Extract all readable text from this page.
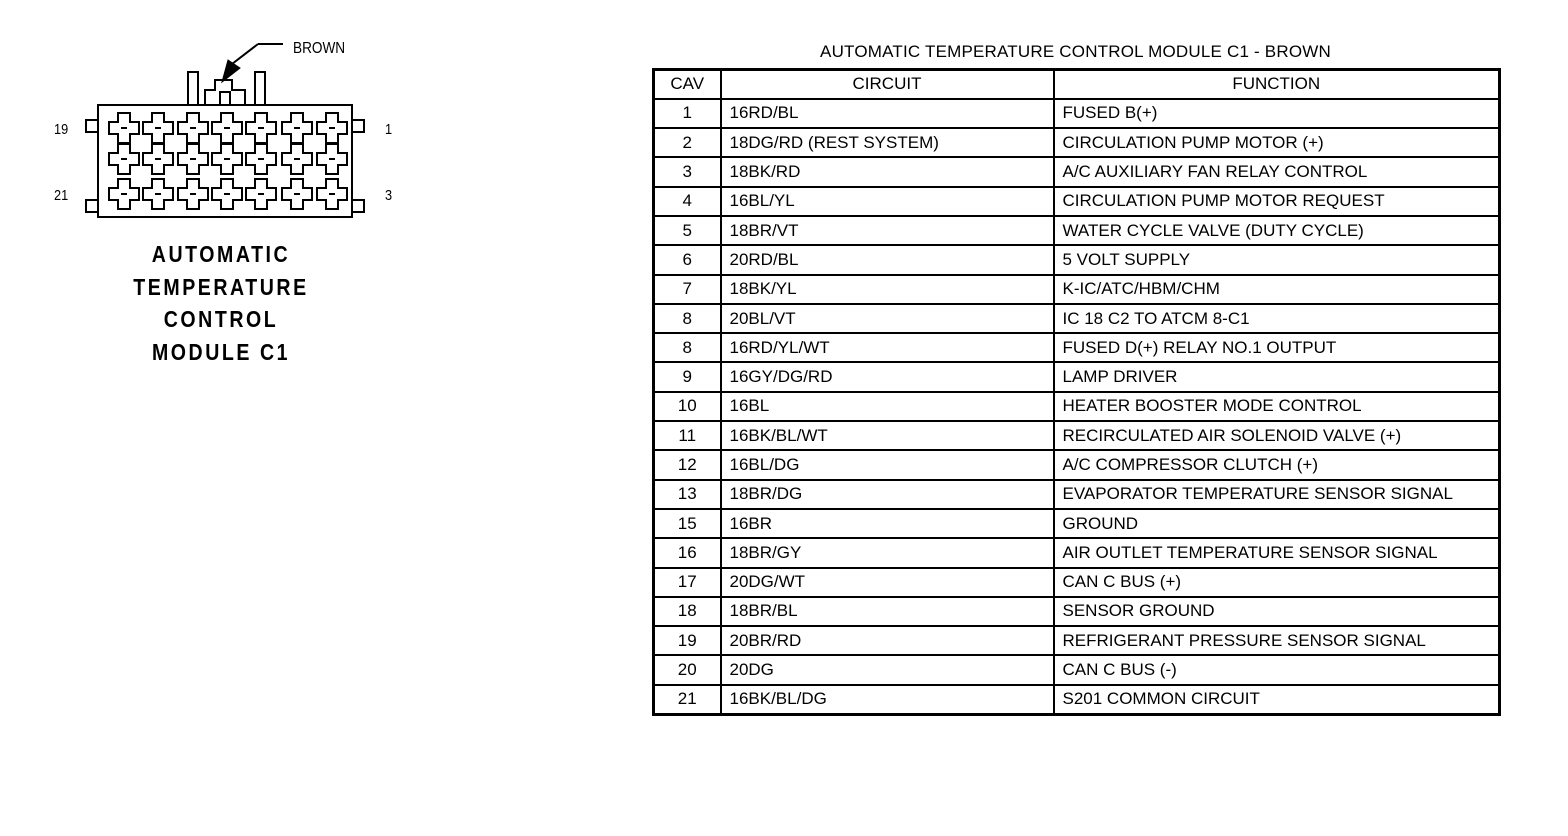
BROWN
19	1
21	3
AUTOMATIC
TEMPERATURE
CONTROL
MODULE C1
AUTOMATIC TEMPERATURE CONTROL MODULE C1 - BROWN
CAV	CIRCUIT	FUNCTION
1	16RD/BL	FUSED B(+)
2	18DG/RD (REST SYSTEM)	CIRCULATION PUMP MOTOR (+)
3	18BK/RD	A/C AUXILIARY FAN RELAY CONTROL
4	16BL/YL	CIRCULATION PUMP MOTOR REQUEST
5	18BR/VT	WATER CYCLE VALVE (DUTY CYCLE)
6	20RD/BL	5 VOLT SUPPLY
7	18BK/YL	K-IC/ATC/HBM/CHM
8	20BL/VT	IC 18 C2 TO ATCM 8-C1
8	16RD/YL/WT	FUSED D(+) RELAY NO.1 OUTPUT
9	16GY/DG/RD	LAMP DRIVER
10	16BL	HEATER BOOSTER MODE CONTROL
11	16BK/BL/WT	RECIRCULATED AIR SOLENOID VALVE (+)
12	16BL/DG	A/C COMPRESSOR CLUTCH (+)
13	18BR/DG	EVAPORATOR TEMPERATURE SENSOR SIGNAL
15	16BR	GROUND
16	18BR/GY	AIR OUTLET TEMPERATURE SENSOR SIGNAL
17	20DG/WT	CAN C BUS (+)
18	18BR/BL	SENSOR GROUND
19	20BR/RD	REFRIGERANT PRESSURE SENSOR SIGNAL
20	20DG	CAN C BUS (-)
21	16BK/BL/DG	S201 COMMON CIRCUIT
